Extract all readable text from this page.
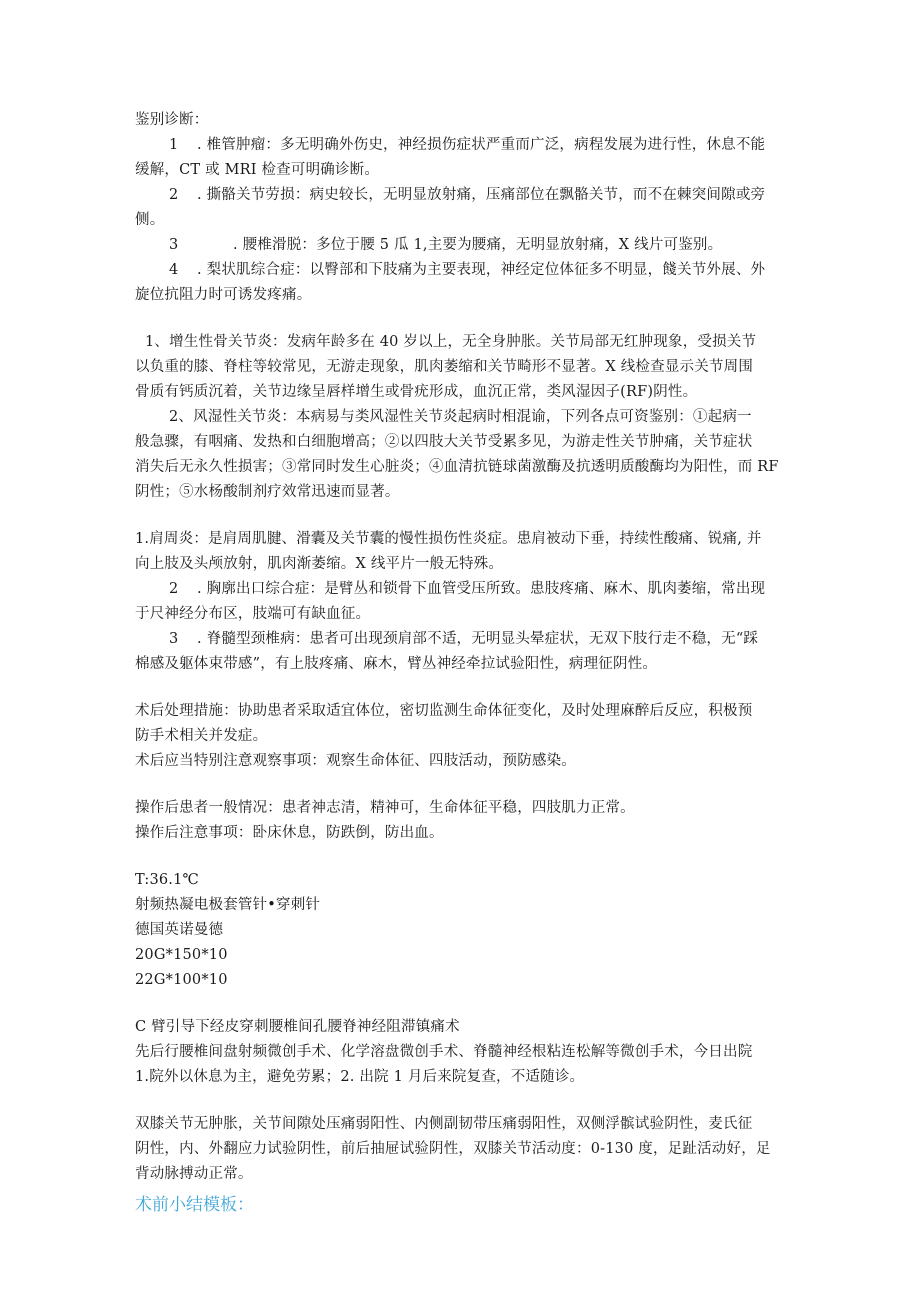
鉴别诊断：
1 . 椎管肿瘤：多无明确外伤史，神经损伤症状严重而广泛，病程发展为进行性，休息不能
缓解，CT 或 MRI 检查可明确诊断。
2 . 撕骼关节劳损：病史较长，无明显放射痛，压痛部位在飘骼关节，而不在棘突间隙或旁
侧。
3	. 腰椎滑脱：多位于腰 5 瓜 1,主要为腰痛，无明显放射痛，X 线片可鉴别。
4 . 梨状肌综合症：以臀部和下肢痛为主要表现，神经定位体征多不明显，餞关节外展、外
旋位抗阻力时可诱发疼痛。
1、增生性骨关节炎：发病年龄多在 40 岁以上，无全身肿胀。关节局部无红肿现象，受损关节
以负重的膝、脊柱等较常见，无游走现象，肌肉萎缩和关节畸形不显著。X 线检查显示关节周围
骨质有钙质沉着，关节边缘呈唇样增生或骨疣形成，血沉正常，类风湿因子(RF)阴性。
2、风湿性关节炎：本病易与类风湿性关节炎起病时相混谕，下列各点可资鉴别：①起病一
般急骤，有咽痛、发热和白细胞增高；②以四肢大关节受累多见，为游走性关节肿痛，关节症状
消失后无永久性损害；③常同时发生心脏炎；④血清抗链球菌激酶及抗透明质酸酶均为阳性，而 RF
阴性；⑤水杨酸制剂疗效常迅速而显著。
1.肩周炎：是肩周肌腱、滑囊及关节囊的慢性损伤性炎症。患肩被动下垂，持续性酸痛、锐痛, 并
向上肢及头颅放射，肌肉渐萎缩。X 线平片一般无特殊。
2 . 胸廓出口综合症：是臂丛和锁骨下血管受压所致。患肢疼痛、麻木、肌肉萎缩，常出现
于尺神经分布区，肢端可有缺血征。
3 . 脊髓型颈椎病：患者可出现颈肩部不适，无明显头晕症状，无双下肢行走不稳，无“踩
棉感及躯体束带感”，有上肢疼痛、麻木，臂丛神经牵拉试验阳性，病理征阴性。
术后处理措施：协助患者采取适宜体位，密切监测生命体征变化，及时处理麻醉后反应，积极预
防手术相关并发症。
术后应当特别注意观察事项：观察生命体征、四肢活动，预防感染。
操作后患者一般情况：患者神志清，精神可，生命体征平稳，四肢肌力正常。
操作后注意事项：卧床休息，防跌倒，防出血。
T:36.1℃
射频热凝电极套管针•穿刺针
德国英诺曼德
20G*150*10
22G*100*10
C 臂引导下经皮穿刺腰椎间孔腰脊神经阻滞镇痛术
先后行腰椎间盘射频微创手术、化学溶盘微创手术、脊髓神经根粘连松解等微创手术，今日出院
1.院外以休息为主，避免劳累；2. 出院 1 月后来院复查，不适随诊。
双膝关节无肿胀，关节间隙处压痛弱阳性、内侧副韧带压痛弱阳性，双侧浮髌试验阴性，麦氏征
阴性，内、外翻应力试验阴性，前后抽屉试验阴性，双膝关节活动度：0-130 度，足趾活动好，足
背动脉搏动正常。
术前小结模板：
